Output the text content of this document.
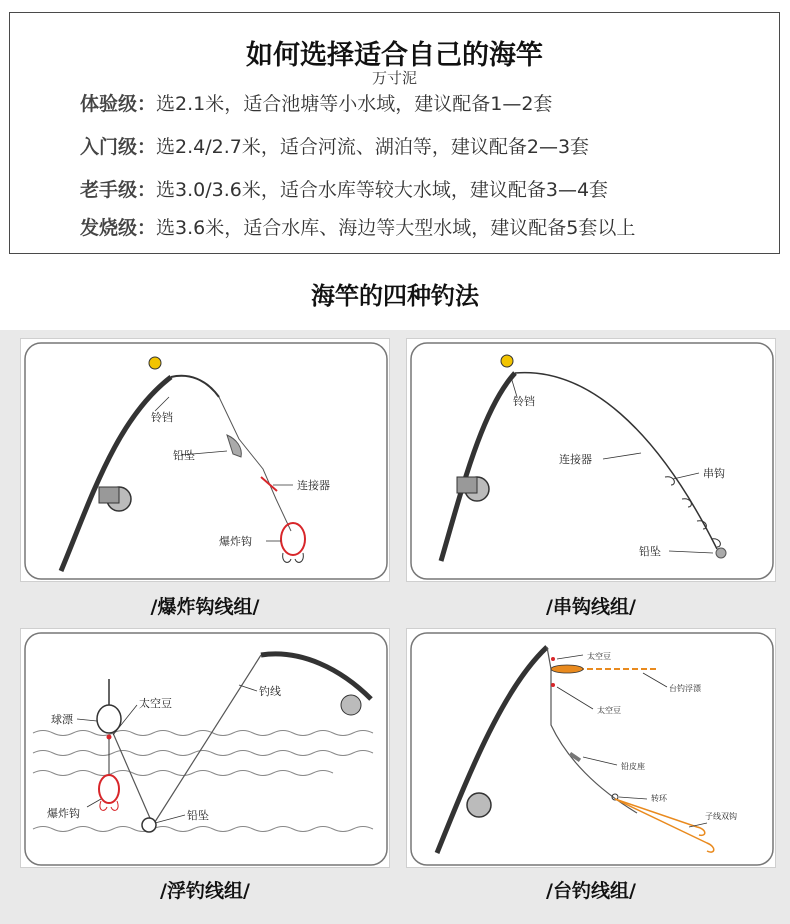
如何选择适合自己的海竿
万寸泥
体验级：选2.1米，适合池塘等小水域，建议配备1—2套
入门级：选2.4/2.7米，适合河流、湖泊等，建议配备2—3套
老手级：选3.0/3.6米，适合水库等较大水域，建议配备3—4套
发烧级：选3.6米，适合水库、海边等大型水域，建议配备5套以上
海竿的四种钓法
铃铛
铅坠
连接器
爆炸钩
/爆炸钩线组/
铃铛
连接器
串钩
铅坠
/串钩线组/
球漂
太空豆
钓线
爆炸钩	铅坠
/浮钓线组/
太空豆
台钓浮漂
太空豆
铅皮座
转环
子线双钩
/台钓线组/
